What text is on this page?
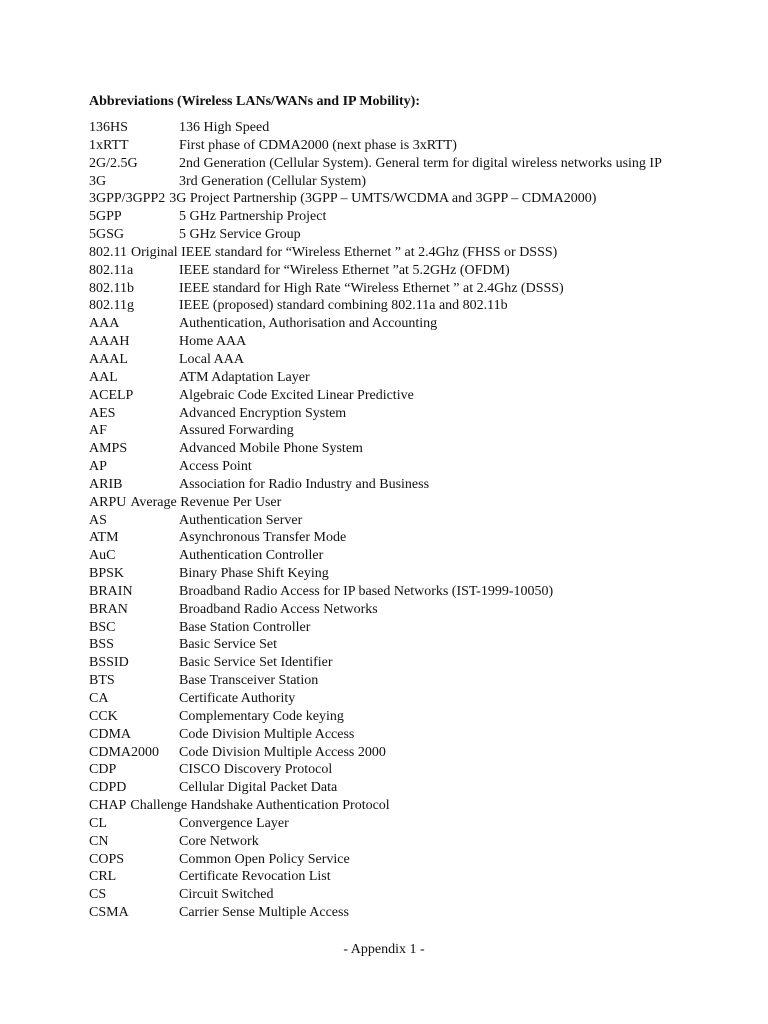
Abbreviations (Wireless LANs/WANs and IP Mobility):
136HS	136 High Speed
1xRTT	First phase of CDMA2000 (next phase is 3xRTT)
2G/2.5G	2nd Generation (Cellular System). General term for digital wireless networks using IP
3G	3rd Generation (Cellular System)
3GPP/3GPP2 3G Project Partnership (3GPP – UMTS/WCDMA and 3GPP – CDMA2000)
5GPP	5 GHz Partnership Project
5GSG	5 GHz Service Group
802.11 Original IEEE standard for “Wireless Ethernet ” at 2.4Ghz (FHSS or DSSS)
802.11a	IEEE standard for “Wireless Ethernet ”at 5.2GHz (OFDM)
802.11b	IEEE standard for High Rate “Wireless Ethernet ” at 2.4Ghz (DSSS)
802.11g	IEEE (proposed) standard combining 802.11a and 802.11b
AAA	Authentication, Authorisation and Accounting
AAAH	Home AAA
AAAL	Local AAA
AAL	ATM Adaptation Layer
ACELP	Algebraic Code Excited Linear Predictive
AES	Advanced Encryption System
AF	Assured Forwarding
AMPS	Advanced Mobile Phone System
AP	Access Point
ARIB	Association for Radio Industry and Business
ARPU Average Revenue Per User
AS	Authentication Server
ATM	Asynchronous Transfer Mode
AuC	Authentication Controller
BPSK	Binary Phase Shift Keying
BRAIN	Broadband Radio Access for IP based Networks (IST-1999-10050)
BRAN	Broadband Radio Access Networks
BSC	Base Station Controller
BSS	Basic Service Set
BSSID	Basic Service Set Identifier
BTS	Base Transceiver Station
CA	Certificate Authority
CCK	Complementary Code keying
CDMA	Code Division Multiple Access
CDMA2000 Code Division Multiple Access 2000
CDP	CISCO Discovery Protocol
CDPD	Cellular Digital Packet Data
CHAP Challenge Handshake Authentication Protocol
CL	Convergence Layer
CN	Core Network
COPS	Common Open Policy Service
CRL	Certificate Revocation List
CS	Circuit Switched
CSMA	Carrier Sense Multiple Access
- Appendix 1 -
